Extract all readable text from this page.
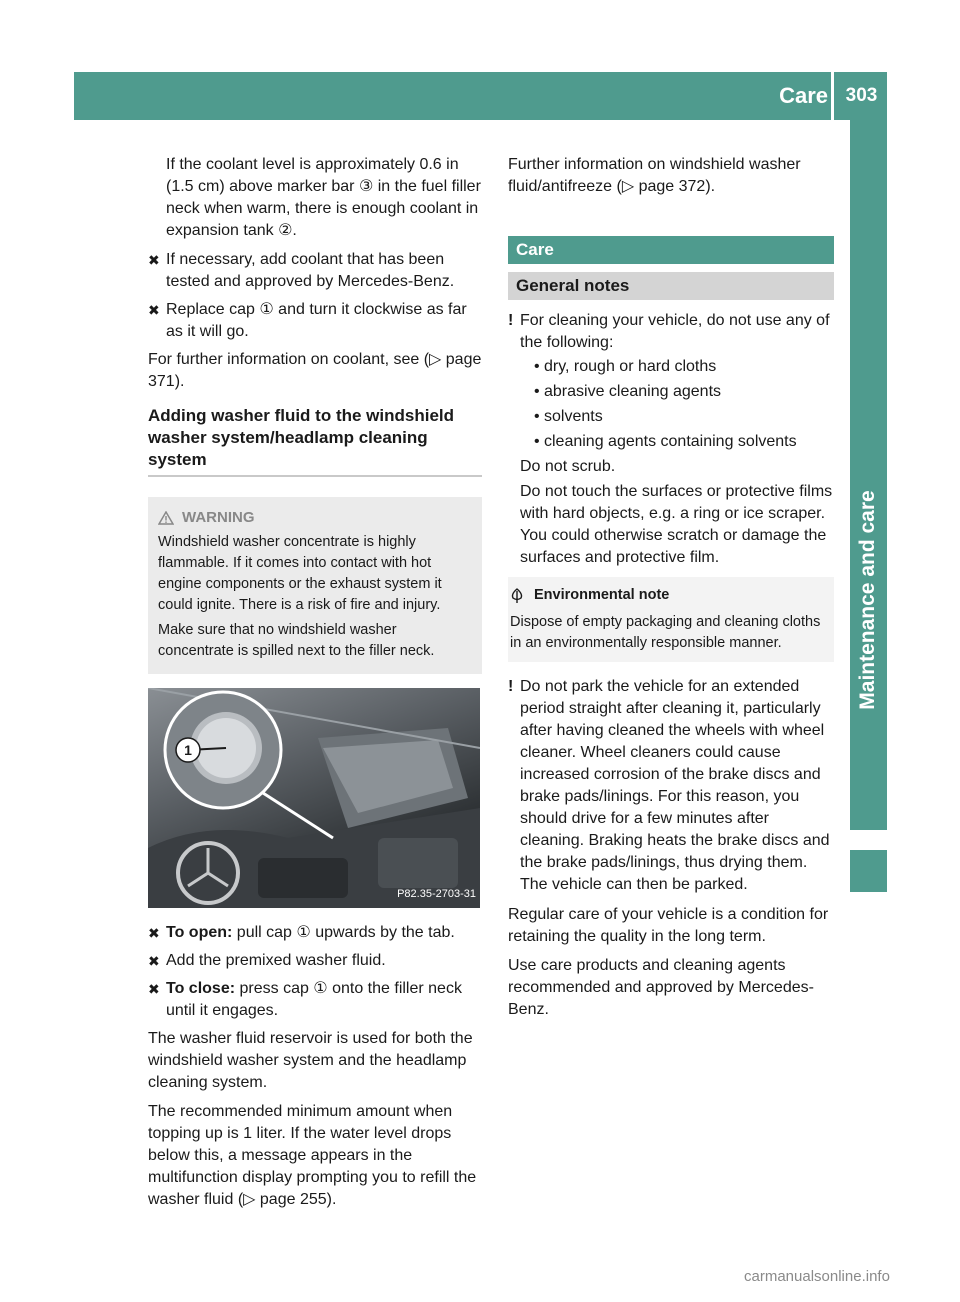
Care 303
Maintenance and care

If the coolant level is approximately 0.6 in (1.5 cm) above marker bar ③ in the fuel filler neck when warm, there is enough coolant in expansion tank ②.

✖ If necessary, add coolant that has been tested and approved by Mercedes-Benz.
✖ Replace cap ① and turn it clockwise as far as it will go.

For further information on coolant, see (▷ page 371).

Adding washer fluid to the windshield washer system/headlamp cleaning system
WARNING

Windshield washer concentrate is highly flammable. If it comes into contact with hot engine components or the exhaust system it could ignite. There is a risk of fire and injury.

Make sure that no windshield washer concentrate is spilled next to the filler neck.

1
P82.35-2703-31
✖ To open: pull cap ① upwards by the tab.
✖ Add the premixed washer fluid.
✖ To close: press cap ① onto the filler neck until it engages.

The washer fluid reservoir is used for both the windshield washer system and the headlamp cleaning system.

The recommended minimum amount when topping up is 1 liter. If the water level drops below this, a message appears in the multifunction display prompting you to refill the washer fluid (▷ page 255).

Further information on windshield washer fluid/antifreeze (▷ page 372).

Care
General notes
! For cleaning your vehicle, do not use any of the following:
• dry, rough or hard cloths
• abrasive cleaning agents
• solvents
• cleaning agents containing solvents

Do not scrub.

Do not touch the surfaces or protective films with hard objects, e.g. a ring or ice scraper. You could otherwise scratch or damage the surfaces and protective film.

Environmental note

Dispose of empty packaging and cleaning cloths in an environmentally responsible manner.

! Do not park the vehicle for an extended period straight after cleaning it, particularly after having cleaned the wheels with wheel cleaner. Wheel cleaners could cause increased corrosion of the brake discs and brake pads/linings. For this reason, you should drive for a few minutes after cleaning. Braking heats the brake discs and the brake pads/linings, thus drying them. The vehicle can then be parked.

Regular care of your vehicle is a condition for retaining the quality in the long term.

Use care products and cleaning agents recommended and approved by Mercedes-Benz.

carmanualsonline.info
